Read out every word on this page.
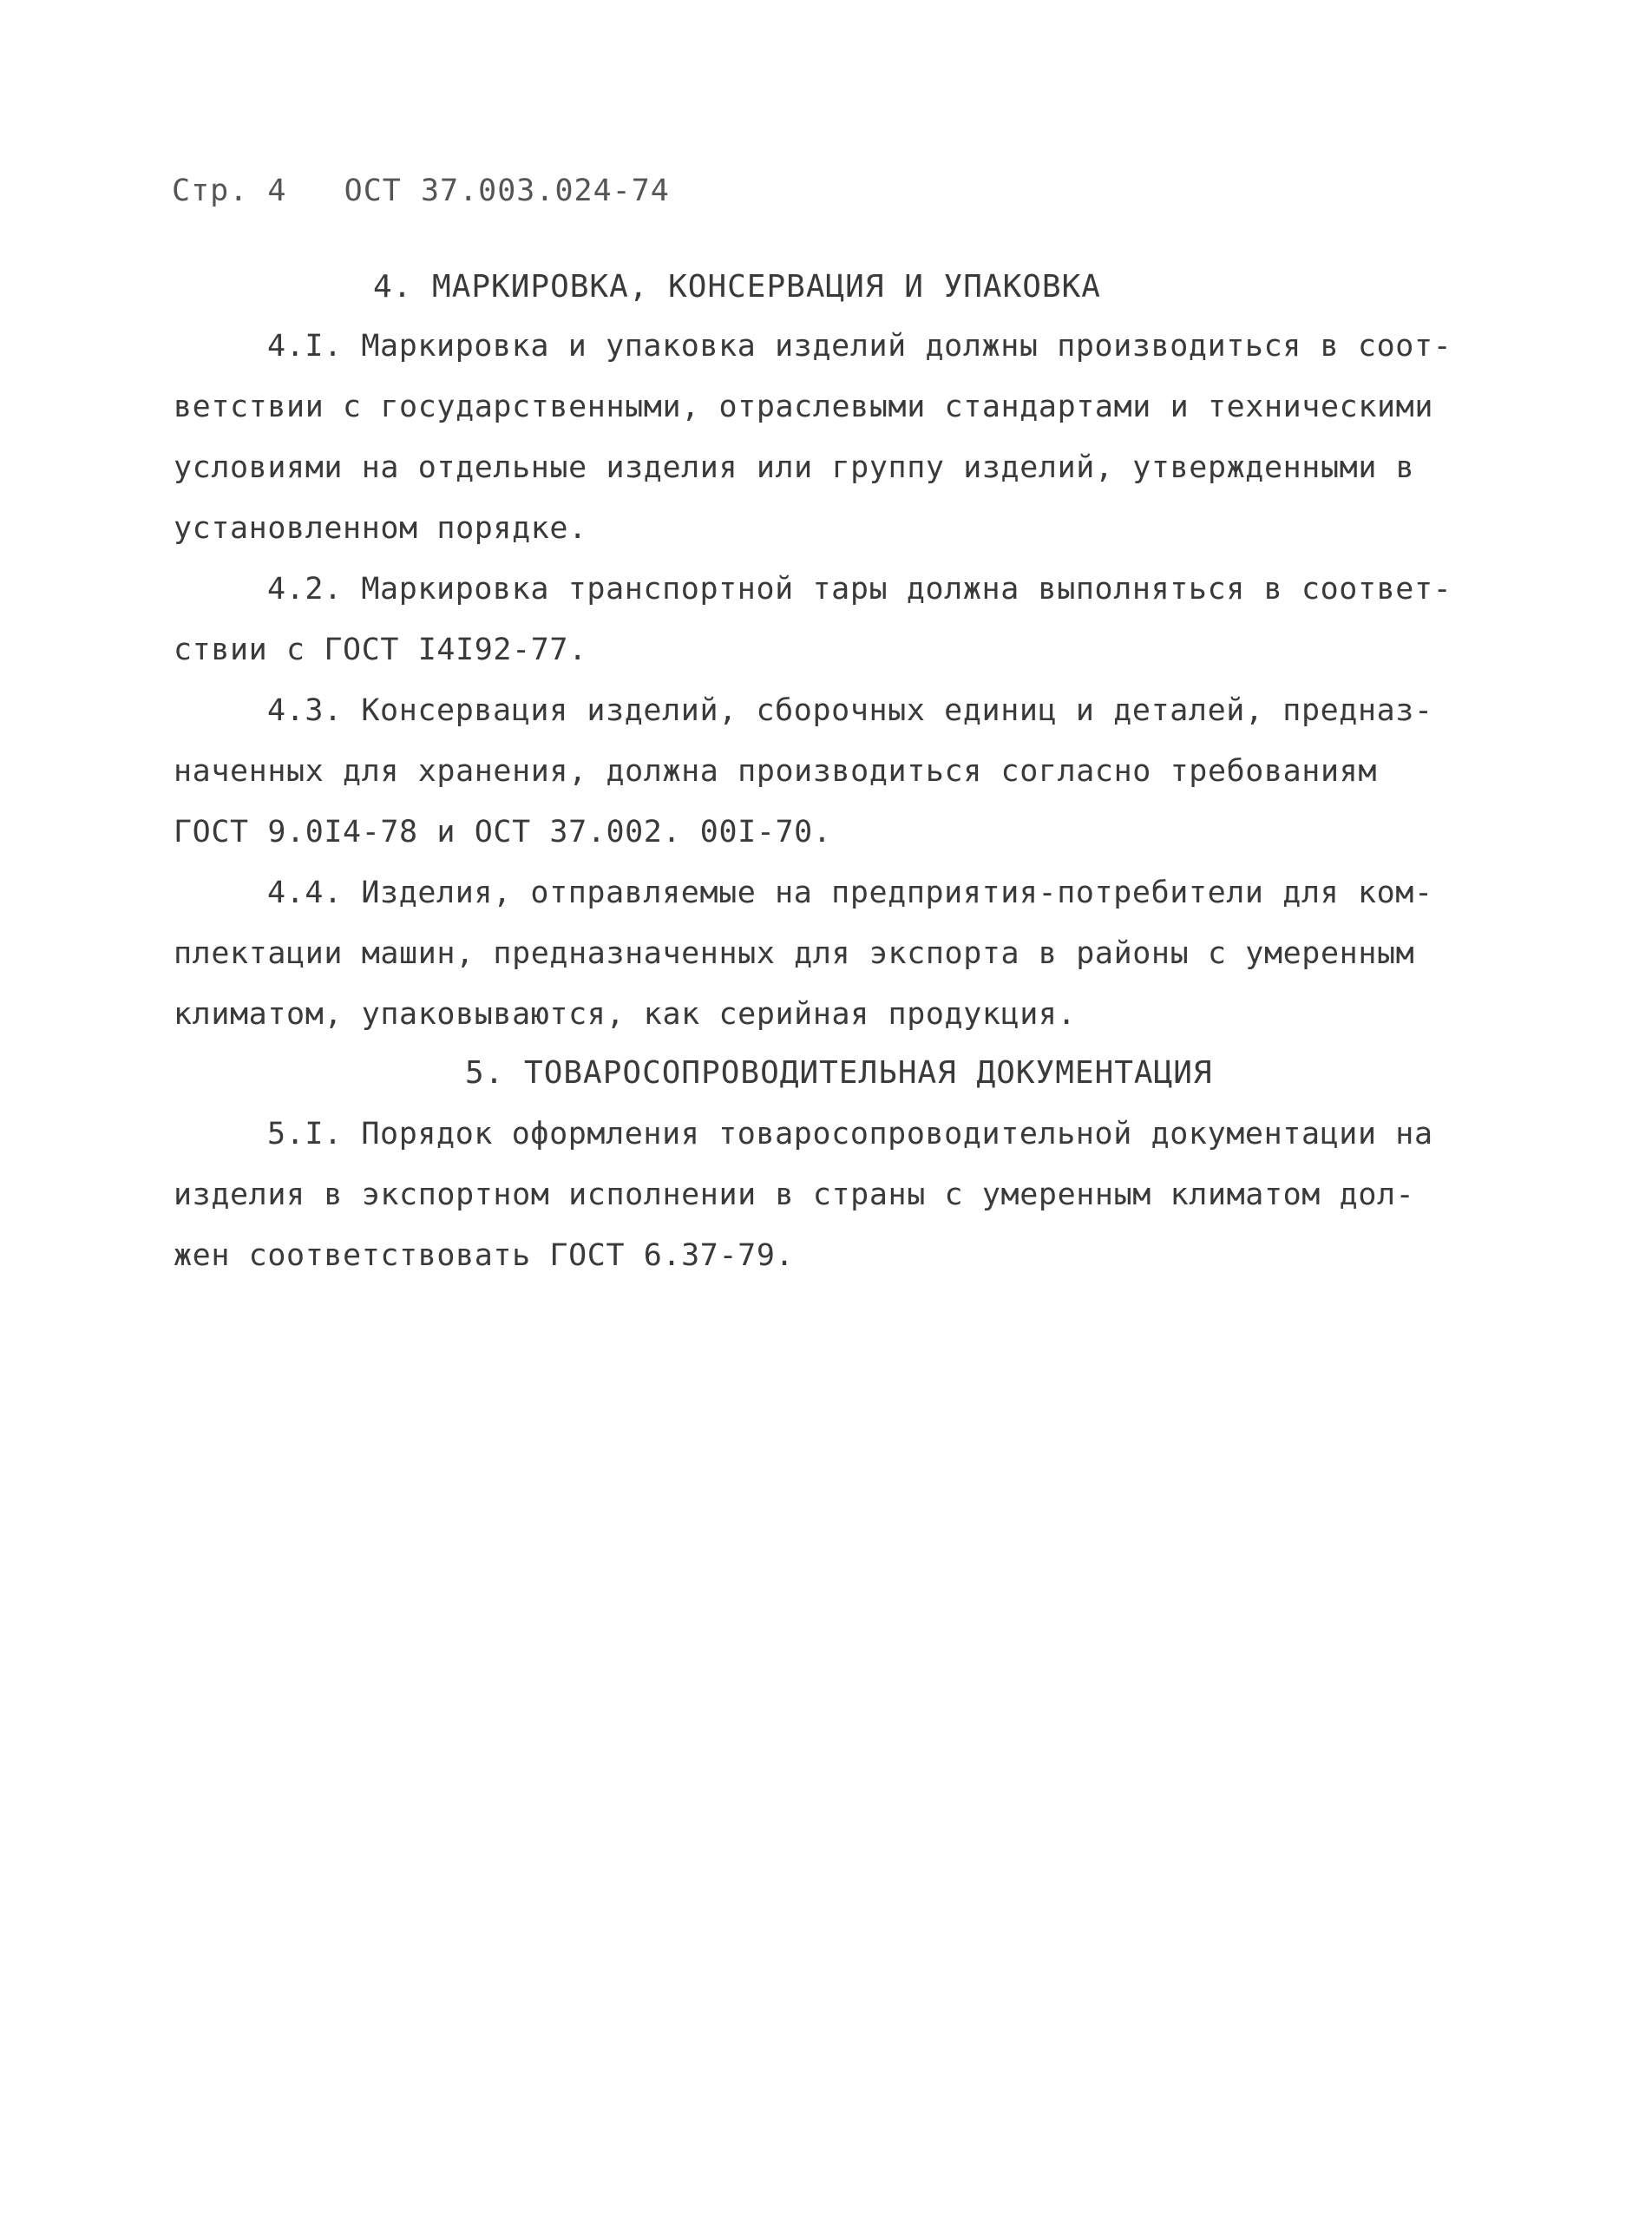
Стр. 4 ОСТ 37.003.024-74
4. МАРКИРОВКА, КОНСЕРВАЦИЯ И УПАКОВКА
4.I. Маркировка и упаковка изделий должны производиться в соот-
ветствии с государственными, отраслевыми стандартами и техническими
условиями на отдельные изделия или группу изделий, утвержденными в
установленном порядке.
4.2. Маркировка транспортной тары должна выполняться в соответ-
ствии с ГОСТ I4I92-77.
4.3. Консервация изделий, сборочных единиц и деталей, предназ-
наченных для хранения, должна производиться согласно требованиям
ГОСТ 9.0I4-78 и ОСТ 37.002. 00I-70.
4.4. Изделия, отправляемые на предприятия-потребители для ком-
плектации машин, предназначенных для экспорта в районы с умеренным
климатом, упаковываются, как серийная продукция.
5. ТОВАРОСОПРОВОДИТЕЛЬНАЯ ДОКУМЕНТАЦИЯ
5.I. Порядок оформления товаросопроводительной документации на
изделия в экспортном исполнении в страны с умеренным климатом дол-
жен соответствовать ГОСТ 6.37-79.
